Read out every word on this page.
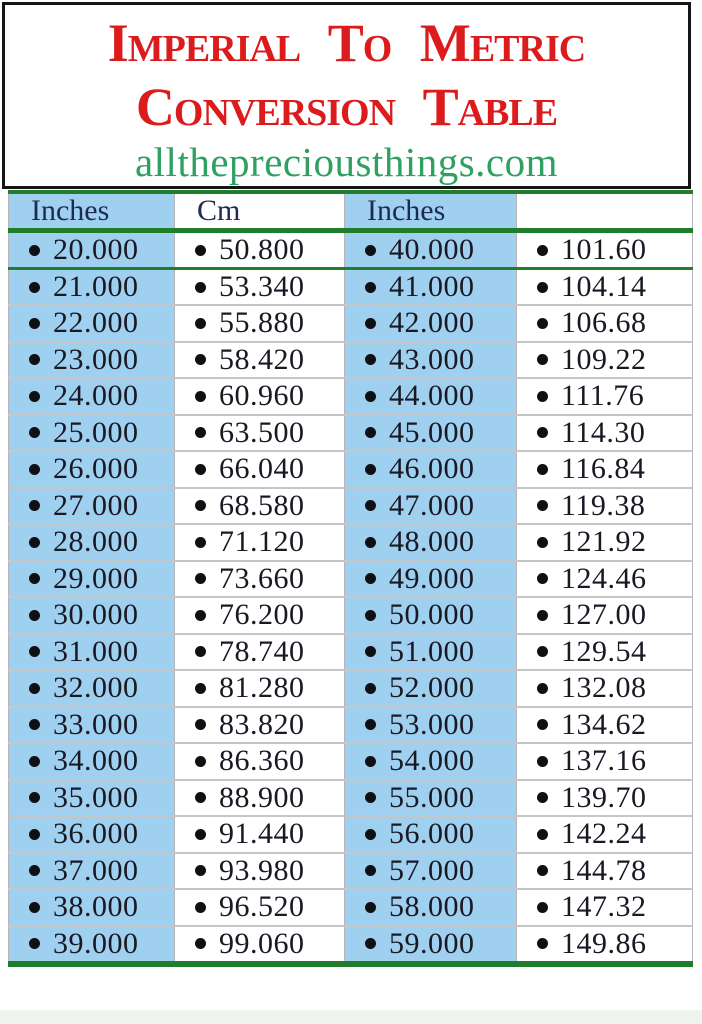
Imperial To Metric
Conversion Table
allthepreciousthings.com
Inches	Cm	Inches	
20.000	50.800	40.000	101.60
21.000	53.340	41.000	104.14
22.000	55.880	42.000	106.68
23.000	58.420	43.000	109.22
24.000	60.960	44.000	111.76
25.000	63.500	45.000	114.30
26.000	66.040	46.000	116.84
27.000	68.580	47.000	119.38
28.000	71.120	48.000	121.92
29.000	73.660	49.000	124.46
30.000	76.200	50.000	127.00
31.000	78.740	51.000	129.54
32.000	81.280	52.000	132.08
33.000	83.820	53.000	134.62
34.000	86.360	54.000	137.16
35.000	88.900	55.000	139.70
36.000	91.440	56.000	142.24
37.000	93.980	57.000	144.78
38.000	96.520	58.000	147.32
39.000	99.060	59.000	149.86
